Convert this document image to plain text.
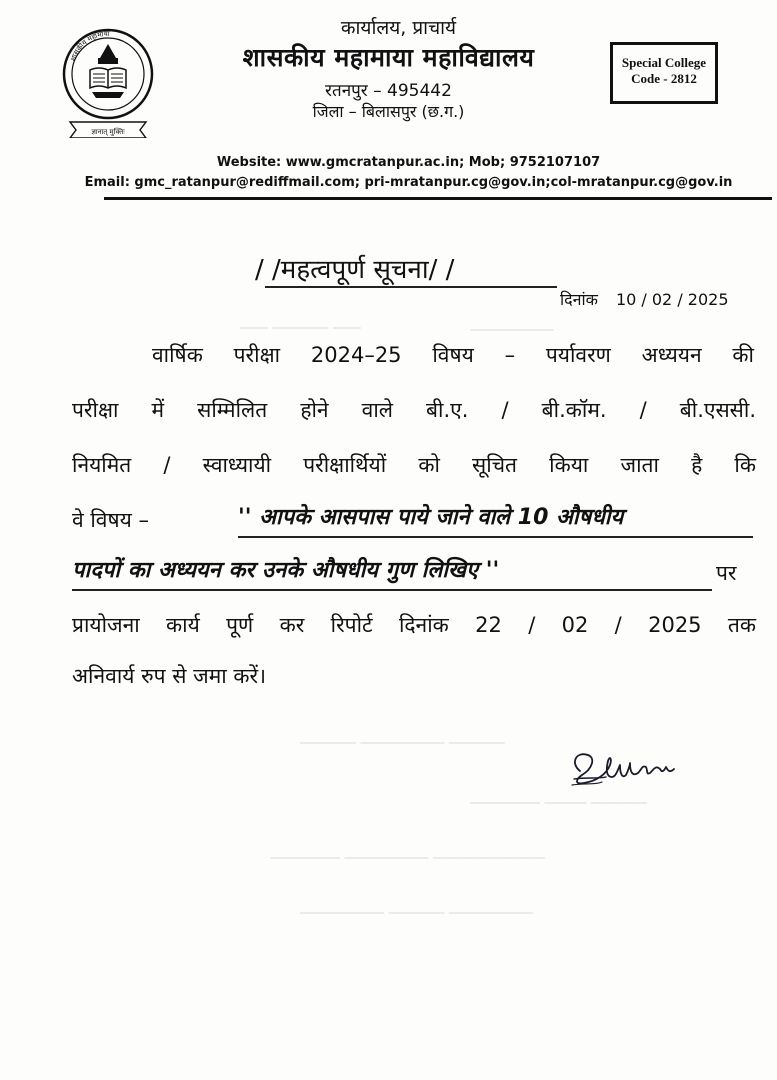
शासकीय महामाया
ज्ञानात् मुक्तिः
कार्यालय, प्राचार्य
शासकीय महामाया महाविद्यालय
रतनपुर – 495442
जिला – बिलासपुर (छ.ग.)
Special College
Code - 2812
Website: www.gmcratanpur.ac.in; Mob; 9752107107
Email: gmc_ratanpur@rediffmail.com; pri-mratanpur.cg@gov.in;col-mratanpur.cg@gov.in
―― ―――― ――	――――――
―――― ―――――― ――――
――――― ――― ――――
――――― ―――――― ――――――――
―――――― ―――― ――――――
/ /महत्वपूर्ण सूचना/ /
दिनांक 10 / 02 / 2025
वार्षिक परीक्षा 2024–25 विषय – पर्यावरण अध्ययन की
परीक्षा में सम्मिलित होने वाले बी.ए. / बी.कॉम. / बी.एससी.
नियमित / स्वाध्यायी परीक्षार्थियों को सूचित किया जाता है कि
वे विषय –	'' आपके आसपास पाये जाने वाले 10 औषधीय
पादपों का अध्ययन कर उनके औषधीय गुण लिखिए ''	पर
प्रायोजना कार्य पूर्ण कर रिपोर्ट दिनांक 22 / 02 / 2025 तक
अनिवार्य रुप से जमा करें।
